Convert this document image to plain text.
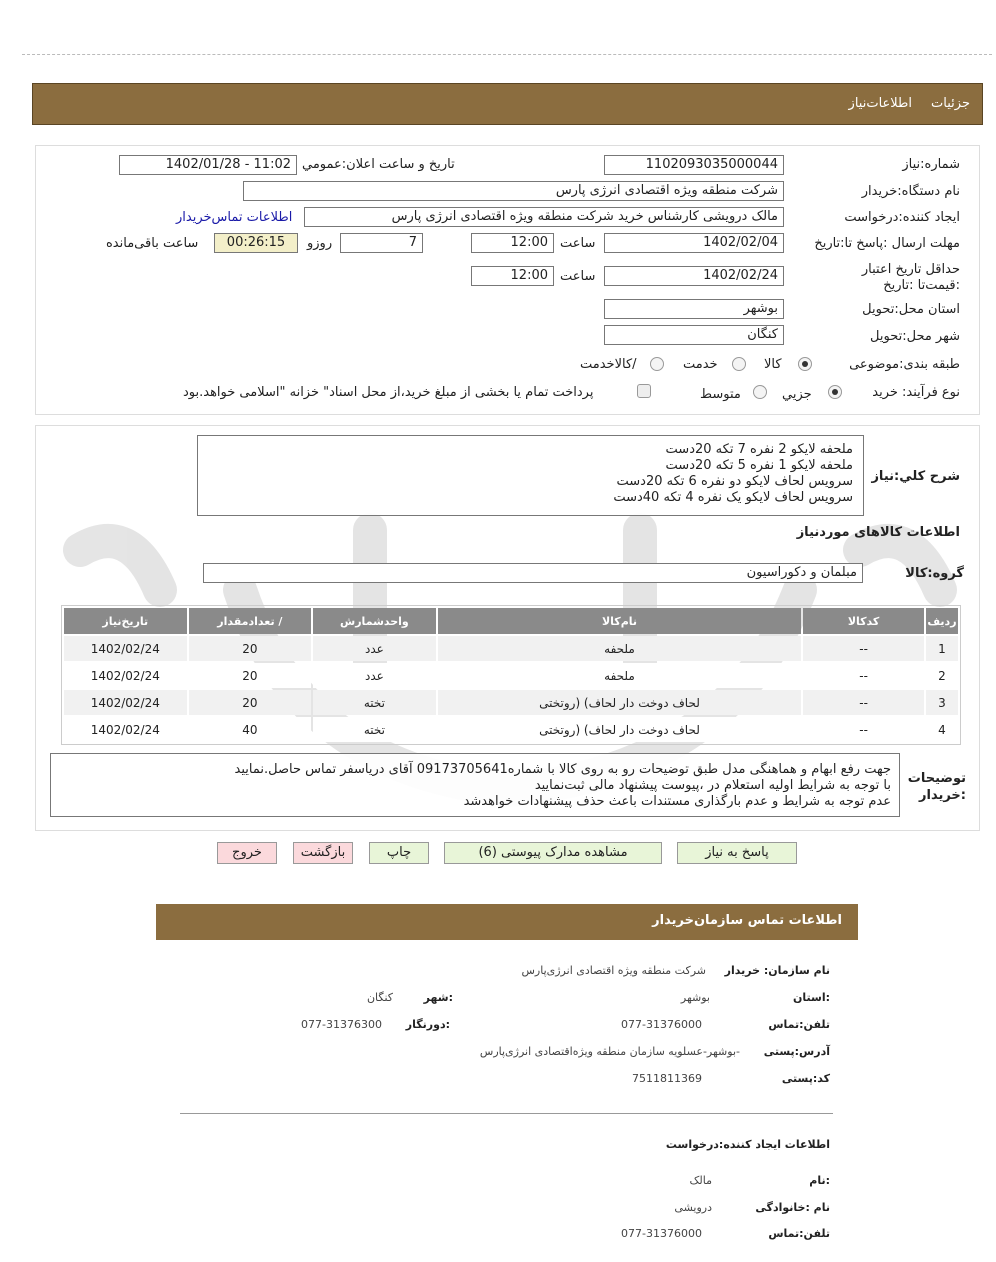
جزئیات
اطلاعات‌نیاز
شماره:نیاز
1102093035000044
تاریخ و ساعت اعلان:عمومي
1402/01/28 - 11:02
نام دستگاه:خریدار
شرکت منطقه ویژه اقتصادی انرژی پارس
ایجاد کننده:درخواست
مالک درویشی کارشناس خرید شرکت منطقه ویژه اقتصادی انرژی پارس
اطلاعات تماس‌خریدار
مهلت ارسال :پاسخ تا:تاریخ
1402/02/04
ساعت
12:00
7
روزو
00:26:15
ساعت باقی‌مانده
حداقل تاریخ اعتبار :قیمت‌تا :تاریخ
1402/02/24
ساعت
12:00
استان محل:تحویل
بوشهر
شهر محل:تحویل
کنگان
طبقه بندی:موضوعی
کالا
خدمت
/کالاخدمت
نوع فرآیند: خرید
جزیي
متوسط
پرداخت تمام یا بخشی از مبلغ خرید،از محل اسناد" خزانه "اسلامی خواهد.بود
شرح کلي:نیاز
ملحفه لایکو 2 نفره 7 تکه 20دست
ملحفه لایکو 1 نفره 5 تکه 20دست
سرویس لحاف لایکو دو نفره 6 تکه 20دست
سرویس لحاف لایکو یک نفره 4 تکه 40دست
اطلاعات کالاهای موردنیاز
گروه:کالا
مبلمان و دکوراسیون
ردیف	کدکالا	نام‌کالا	واحدشمارش	/ تعدادمقدار	تاریخ‌نیاز
1	--	ملحفه	عدد	20	1402/02/24
2	--	ملحفه	عدد	20	1402/02/24
3	--	لحاف دوخت دار لحاف) (روتختی	تخته	20	1402/02/24
4	--	لحاف دوخت دار لحاف) (روتختی	تخته	40	1402/02/24
توضیحات :خریدار
جهت رفع ابهام و هماهنگی مدل طبق توضیحات رو به روی کالا با شماره09173705641 آقای دریاسفر تماس حاصل.نمایید
با توجه به شرایط اولیه استعلام در ،پیوست پیشنهاد مالی ثبت‌نمایید
عدم توجه به شرایط و عدم بارگذاری مستندات باعث حذف پیشنهادات خواهدشد
پاسخ به نیاز
مشاهده مدارک پیوستی (6)
چاپ
بازگشت
خروج
اطلاعات تماس سازمان‌خریدار
نام سازمان: خریدار
شرکت منطقه ویژه اقتصادی انرژی‌پارس
:استان
بوشهر
:شهر
کنگان
تلفن:تماس
077-31376000
:دورنگار
077-31376300
آدرس:پستی
-بوشهر-عسلویه سازمان منطقه ویژه‌اقتصادی انرژی‌پارس
کد:پستی
7511811369
اطلاعات ایجاد کننده:درخواست
:نام
مالک
نام :خانوادگی
درویشی
تلفن:تماس
077-31376000
